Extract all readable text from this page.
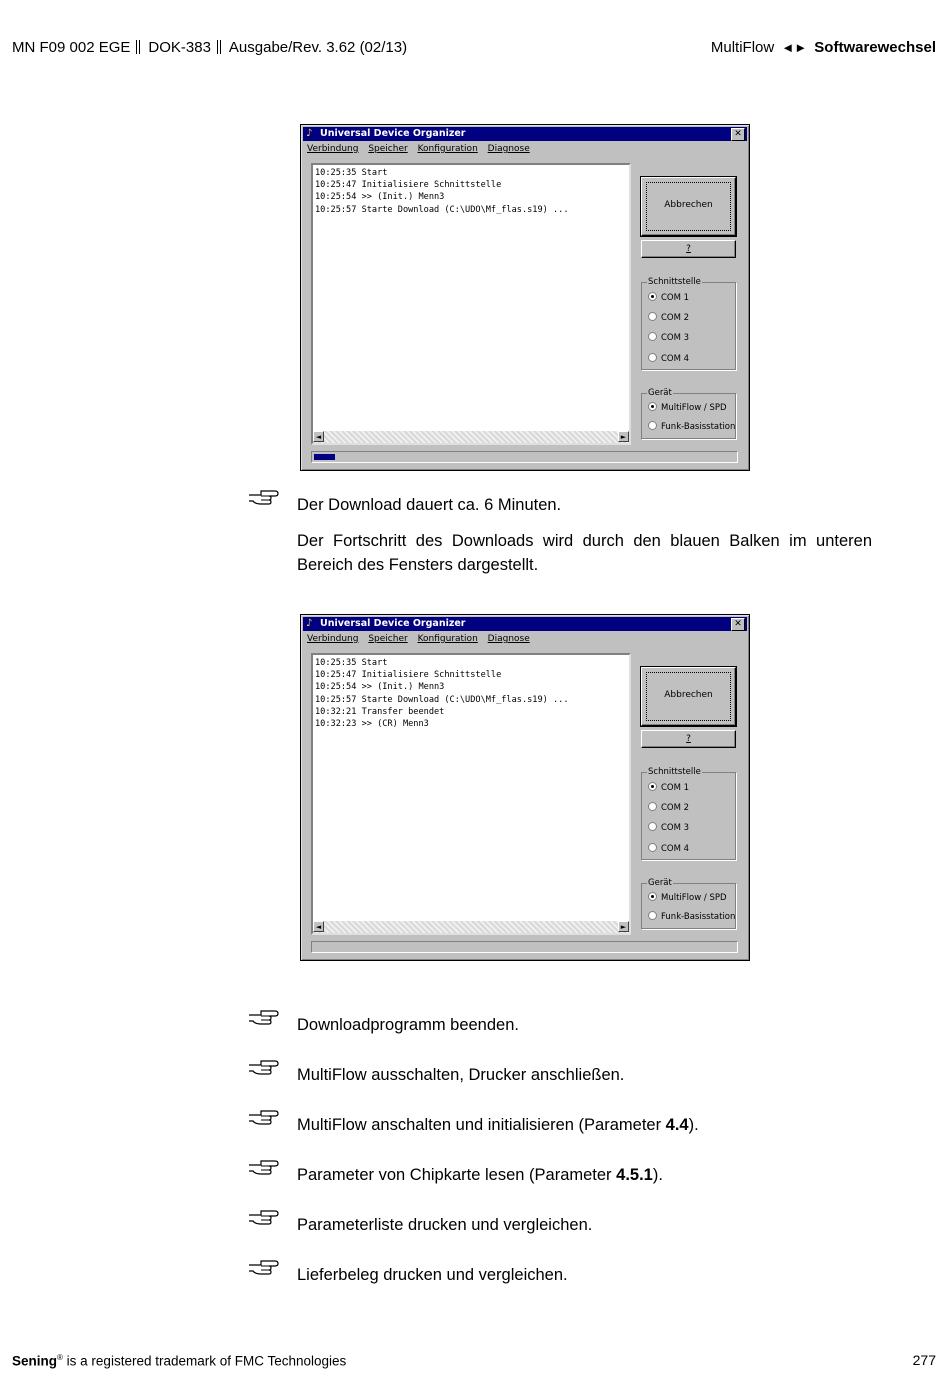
MN F09 002 EGE DOK-383 Ausgabe/Rev. 3.62 (02/13)	MultiFlow ◄► Softwarewechsel
♪ Universal Device Organizer	✕
Verbindung Speicher Konfiguration Diagnose
10:25:35 Start
10:25:47 Initialisiere Schnittstelle
10:25:54 >> (Init.) Menn3
10:25:57 Starte Download (C:\UDO\Mf_flas.s19) ...
◄	►
Abbrechen
?
Schnittstelle
COM 1
COM 2
COM 3
COM 4
Gerät
MultiFlow / SPD
Funk-Basisstation
Der Download dauert ca. 6 Minuten.
Der Fortschritt des Downloads wird durch den blauen Balken im unteren Bereich des Fensters dargestellt.
♪ Universal Device Organizer	✕
Verbindung Speicher Konfiguration Diagnose
10:25:35 Start
10:25:47 Initialisiere Schnittstelle
10:25:54 >> (Init.) Menn3
10:25:57 Starte Download (C:\UDO\Mf_flas.s19) ...
10:32:21 Transfer beendet
10:32:23 >> (CR) Menn3
◄	►
Abbrechen
?
Schnittstelle
COM 1
COM 2
COM 3
COM 4
Gerät
MultiFlow / SPD
Funk-Basisstation
Downloadprogramm beenden.
MultiFlow ausschalten, Drucker anschließen.
MultiFlow anschalten und initialisieren (Parameter 4.4).
Parameter von Chipkarte lesen (Parameter 4.5.1).
Parameterliste drucken und vergleichen.
Lieferbeleg drucken und vergleichen.
Sening® is a registered trademark of FMC Technologies	277
